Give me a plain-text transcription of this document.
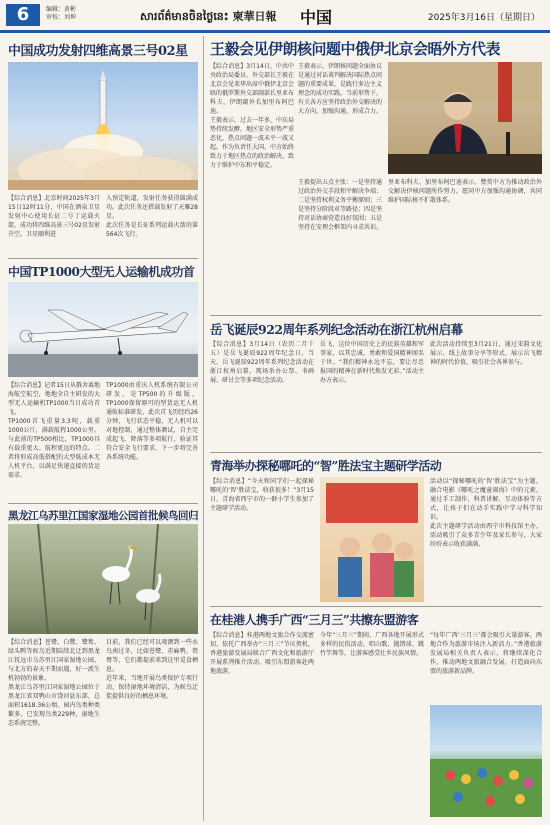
6	编辑：黄彬
审校：刘坤	សារព័ត៌មានចិនថ្ងៃនេះ 柬華日報 中国	2025年3月16日（星期日）
中国成功发射四维高景三号02星

【综合消息】北京时间2025年3月15日12时11分，中国在酒泉卫星发射中心使用长征二号丁运载火箭，成功将四维高景三号02星发射升空，卫星顺利进

入预定轨道，发射任务获得圆满成功。此次任务还搭载发射了天雁28星。

此次任务是长征系列运载火箭的第564次飞行。

中国TP1000大型无人运输机成功首

【综合消息】记者15日从俄舍离地海航空航空，地地全自主研发的大型无人运输机TP1000当日成功首飞。

TP1000首飞重量3.3吨，载重1000公斤，满载航程1000公里。与此前的TP500相比，TP1000具有载重更大、航程更远的特点。二者将形成高低搭配的大型低成本无人机平台，以满足快递直接的货运需求。

TP1000由重庆人机系统有限公司研发，是TP500的升级版，TP1000保留原可的型货运无人机通航标准研发，此次首飞历经约26分钟，飞行状态平稳，无人机可以对地控制，通过整体测试，自主完成起飞、降落等多项航行，验证其符合安全飞行要求，下一步将完善各系统功能。

黑龙江乌苏里江国家湿地公园首批候鸟回归

【综合消息】苍鹭、白鹭、鹭鸶、绿头鸭等候鸟近期陆续北迁到黑龙江抚远市乌苏里江国家湿地公园，与北方的春天不期而遇，好一派生机勃勃的景象。

黑龙江乌苏里江国家湿地公园位于黑龙江省双鸭山市饶河县东部，总面积1618.36公顷。园内鸟类种类繁多，已发现鸟类229种，湿地生态系统完整。

目前，我们已经可以观测到一些水鸟南过冬，比如苍鹭、赤麻鸭、鸳鸯等，它们都提前来到这里觅食栖息。

近年来，当地开展鸟类保护专项行动，保持湿地环境清洁，为候鸟迁徙提供良好的栖息环境。

王毅会见伊朗核问题中俄伊北京会晤外方代表

【综合消息】3月14日，中共中央政治局委员、外交部长王毅在北京会见来华出席中俄伊北京会晤的俄罗斯外交部副部长里亚布科夫、伊朗副外长加里布阿巴迪。

王毅表示，过去一年多，中东局势持续发酵，地区安全形势严重恶化，热点问题一波未平一波又起。作为负责任大国，中方始终致力于地区热点的政治解决，致力于维护中东和平稳定。

王毅表示，伊朗核问题全面协议是通过对话谈判解决国际热点问题的重要成果，是践行多边主义理念的成功实践。当前形势下，有关各方应坚持政治外交解决的大方向，加强沟通，形成合力。

王毅提出五点主张：一是坚持通过政治外交手段和平解决争端；二是坚持权利义务平衡原则；三是坚持分阶段对等路径；四是坚持对话协商营造良好氛围；五是坚持在安理会框架内寻求共识。

里亚布科夫、加里布阿巴迪表示，赞赏中方为推动政治外交解决伊核问题所作努力，愿同中方加强沟通协调，共同维护国际核不扩散体系。

岳飞诞辰922周年系列纪念活动在浙江杭州启幕

【综合消息】3月14日（农历二月十五）是岳飞诞辰922周年纪念日。当天，岳飞诞辰922周年系列纪念活动在浙江杭州启幕，现场举办公祭、书画展、研讨会等多项纪念活动。

岳飞，这位中国历史上的民族英雄和军事家，以其忠诚、勇敢和爱国精神闻名于世。“我们精神永远不忘，要让尽忠报国的精神在新时代焕发光彩。”活动主办方表示。

此次活动持续至3月21日，通过宋韵文化展示、线上故事分享等形式，展示岳飞精神的时代价值，吸引社会各界参与。

青海举办探秘哪吒的“智”胜法宝主题研学活动

【综合消息】“今天和同学们一起探秘哪吒的‘智’胜法宝，收获很多！”3月15日，青海省西宁市的一群小学生参加了主题研学活动。

活动以“探秘哪吒的‘智’胜法宝”为主题，融合电影《哪吒之魔童闹海》中的元素，通过手工制作、科普讲解、互动体验等方式，让孩子们在动手实践中学习科学知识。

此次主题研学活动由西宁市科技馆主办，活动吸引了众多青少年及家长参与，大家纷纷表示收获满满。

在桂港人携手广西“三月三”共擦东盟游客

【综合消息】桂港两地文旅合作交流密切，依托广西举办“三月三”节庆契机，香港旅游发展局联合广西文化和旅游厅开展系列推介活动，吸引东盟游客赴两地旅游。

今年“三月三”期间，广西各地开展形式多样的民俗活动，唱山歌、抛绣球、跳竹竿舞等，让游客感受壮乡民族风情。

“每年广西‘三月三’都会吸引大量游客，两地合作为旅游市场注入新活力。”香港旅游发展局相关负责人表示，将继续深化合作，推动两地文旅融合发展，打造面向东盟的旅游新品牌。
